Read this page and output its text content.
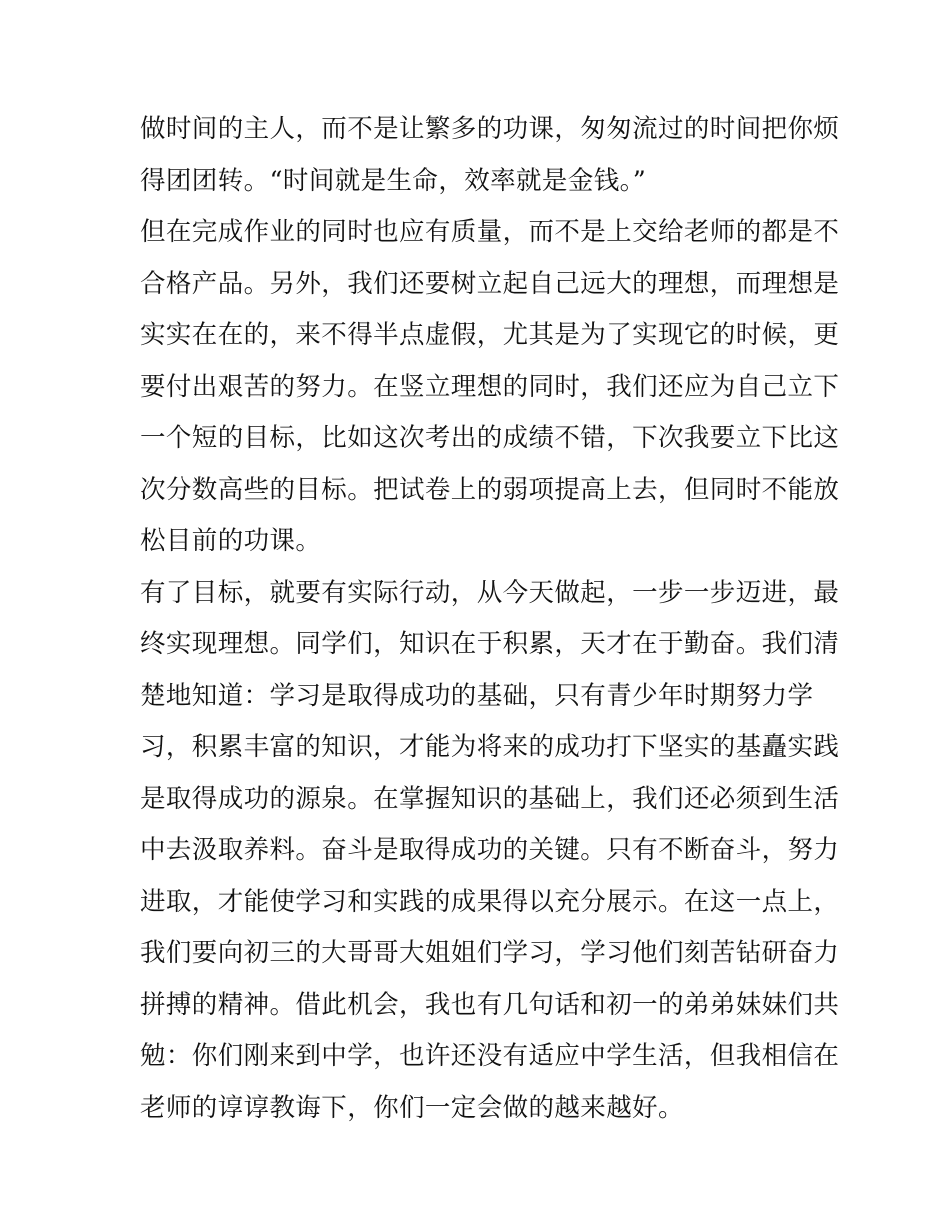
做时间的主人，而不是让繁多的功课，匆匆流过的时间把你烦
得团团转。“时间就是生命，效率就是金钱。”
但在完成作业的同时也应有质量，而不是上交给老师的都是不
合格产品。另外，我们还要树立起自己远大的理想，而理想是
实实在在的，来不得半点虚假，尤其是为了实现它的时候，更
要付出艰苦的努力。在竖立理想的同时，我们还应为自己立下
一个短的目标，比如这次考出的成绩不错，下次我要立下比这
次分数高些的目标。把试卷上的弱项提高上去，但同时不能放
松目前的功课。
有了目标，就要有实际行动，从今天做起，一步一步迈进，最
终实现理想。同学们，知识在于积累，天才在于勤奋。我们清
楚地知道：学习是取得成功的基础，只有青少年时期努力学
习，积累丰富的知识，才能为将来的成功打下坚实的基矗实践
是取得成功的源泉。在掌握知识的基础上，我们还必须到生活
中去汲取养料。奋斗是取得成功的关键。只有不断奋斗，努力
进取，才能使学习和实践的成果得以充分展示。在这一点上，
我们要向初三的大哥哥大姐姐们学习，学习他们刻苦钻研奋力
拼搏的精神。借此机会，我也有几句话和初一的弟弟妹妹们共
勉：你们刚来到中学，也许还没有适应中学生活，但我相信在
老师的谆谆教诲下，你们一定会做的越来越好。
